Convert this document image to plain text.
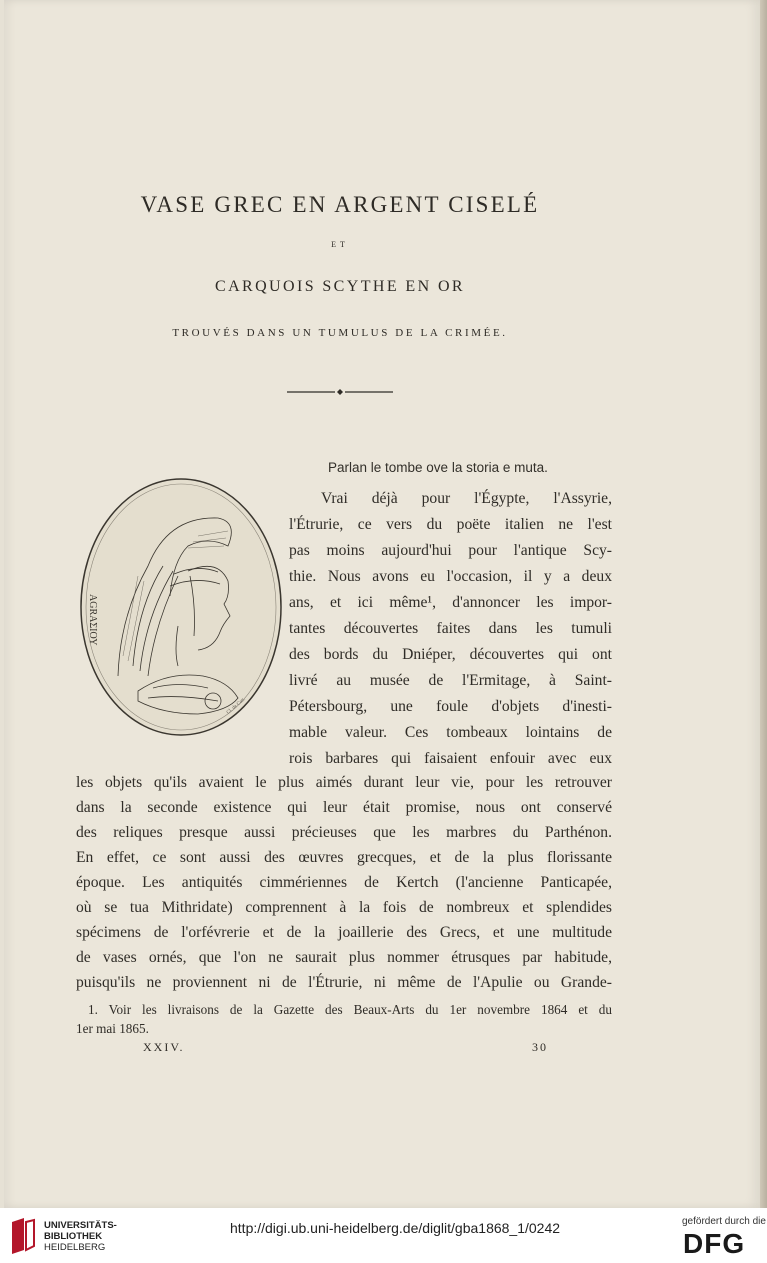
VASE GREC EN ARGENT CISELÉ
ET
CARQUOIS SCYTHE EN OR
TROUVÉS DANS UN TUMULUS DE LA CRIMÉE.
Parlan le tombe ove la storia e muta.
AGRΑΣIΟΥ
Cl. de Catt.
Vrai déjà pour l'Égypte, l'Assyrie,
l'Étrurie, ce vers du poëte italien ne l'est
pas moins aujourd'hui pour l'antique Scy-
thie. Nous avons eu l'occasion, il y a deux
ans, et ici même¹, d'annoncer les impor-
tantes découvertes faites dans les tumuli
des bords du Dniéper, découvertes qui ont
livré au musée de l'Ermitage, à Saint-
Pétersbourg, une foule d'objets d'inesti-
mable valeur. Ces tombeaux lointains de
rois barbares qui faisaient enfouir avec eux
les objets qu'ils avaient le plus aimés durant leur vie, pour les retrouver
dans la seconde existence qui leur était promise, nous ont conservé
des reliques presque aussi précieuses que les marbres du Parthénon.
En effet, ce sont aussi des œuvres grecques, et de la plus florissante
époque. Les antiquités cimmériennes de Kertch (l'ancienne Panticapée,
où se tua Mithridate) comprennent à la fois de nombreux et splendides
spécimens de l'orfévrerie et de la joaillerie des Grecs, et une multitude
de vases ornés, que l'on ne saurait plus nommer étrusques par habitude,
puisqu'ils ne proviennent ni de l'Étrurie, ni même de l'Apulie ou Grande-
1. Voir les livraisons de la Gazette des Beaux-Arts du 1er novembre 1864 et du
1er mai 1865.
XXIV.	30
UNIVERSITÄTS-
BIBLIOTHEK
HEIDELBERG
http://digi.ub.uni-heidelberg.de/diglit/gba1868_1/0242	gefördert durch die
DFG
